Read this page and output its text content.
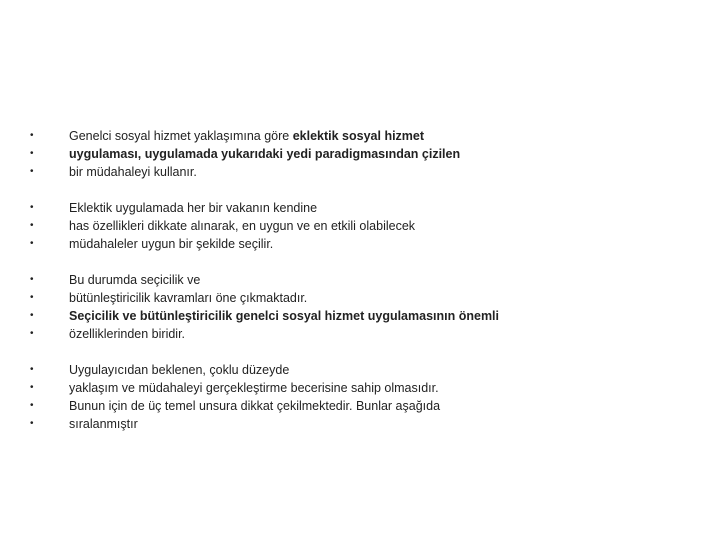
•	Genelci sosyal hizmet yaklaşımına göre eklektik sosyal hizmet
•	uygulaması, uygulamada yukarıdaki yedi paradigmasından çizilen
•	bir müdahaleyi kullanır.
•	Eklektik uygulamada her bir vakanın kendine
•	has özellikleri dikkate alınarak, en uygun ve en etkili olabilecek
•	müdahaleler uygun bir şekilde seçilir.
•	Bu durumda seçicilik ve
•	bütünleştiricilik kavramları öne çıkmaktadır.
•	Seçicilik ve bütünleştiricilik genelci sosyal hizmet uygulamasının önemli
•	özelliklerinden biridir.
•	Uygulayıcıdan beklenen, çoklu düzeyde
•	yaklaşım ve müdahaleyi gerçekleştirme becerisine sahip olmasıdır.
•	Bunun için de üç temel unsura dikkat çekilmektedir. Bunlar aşağıda
•	sıralanmıştır
